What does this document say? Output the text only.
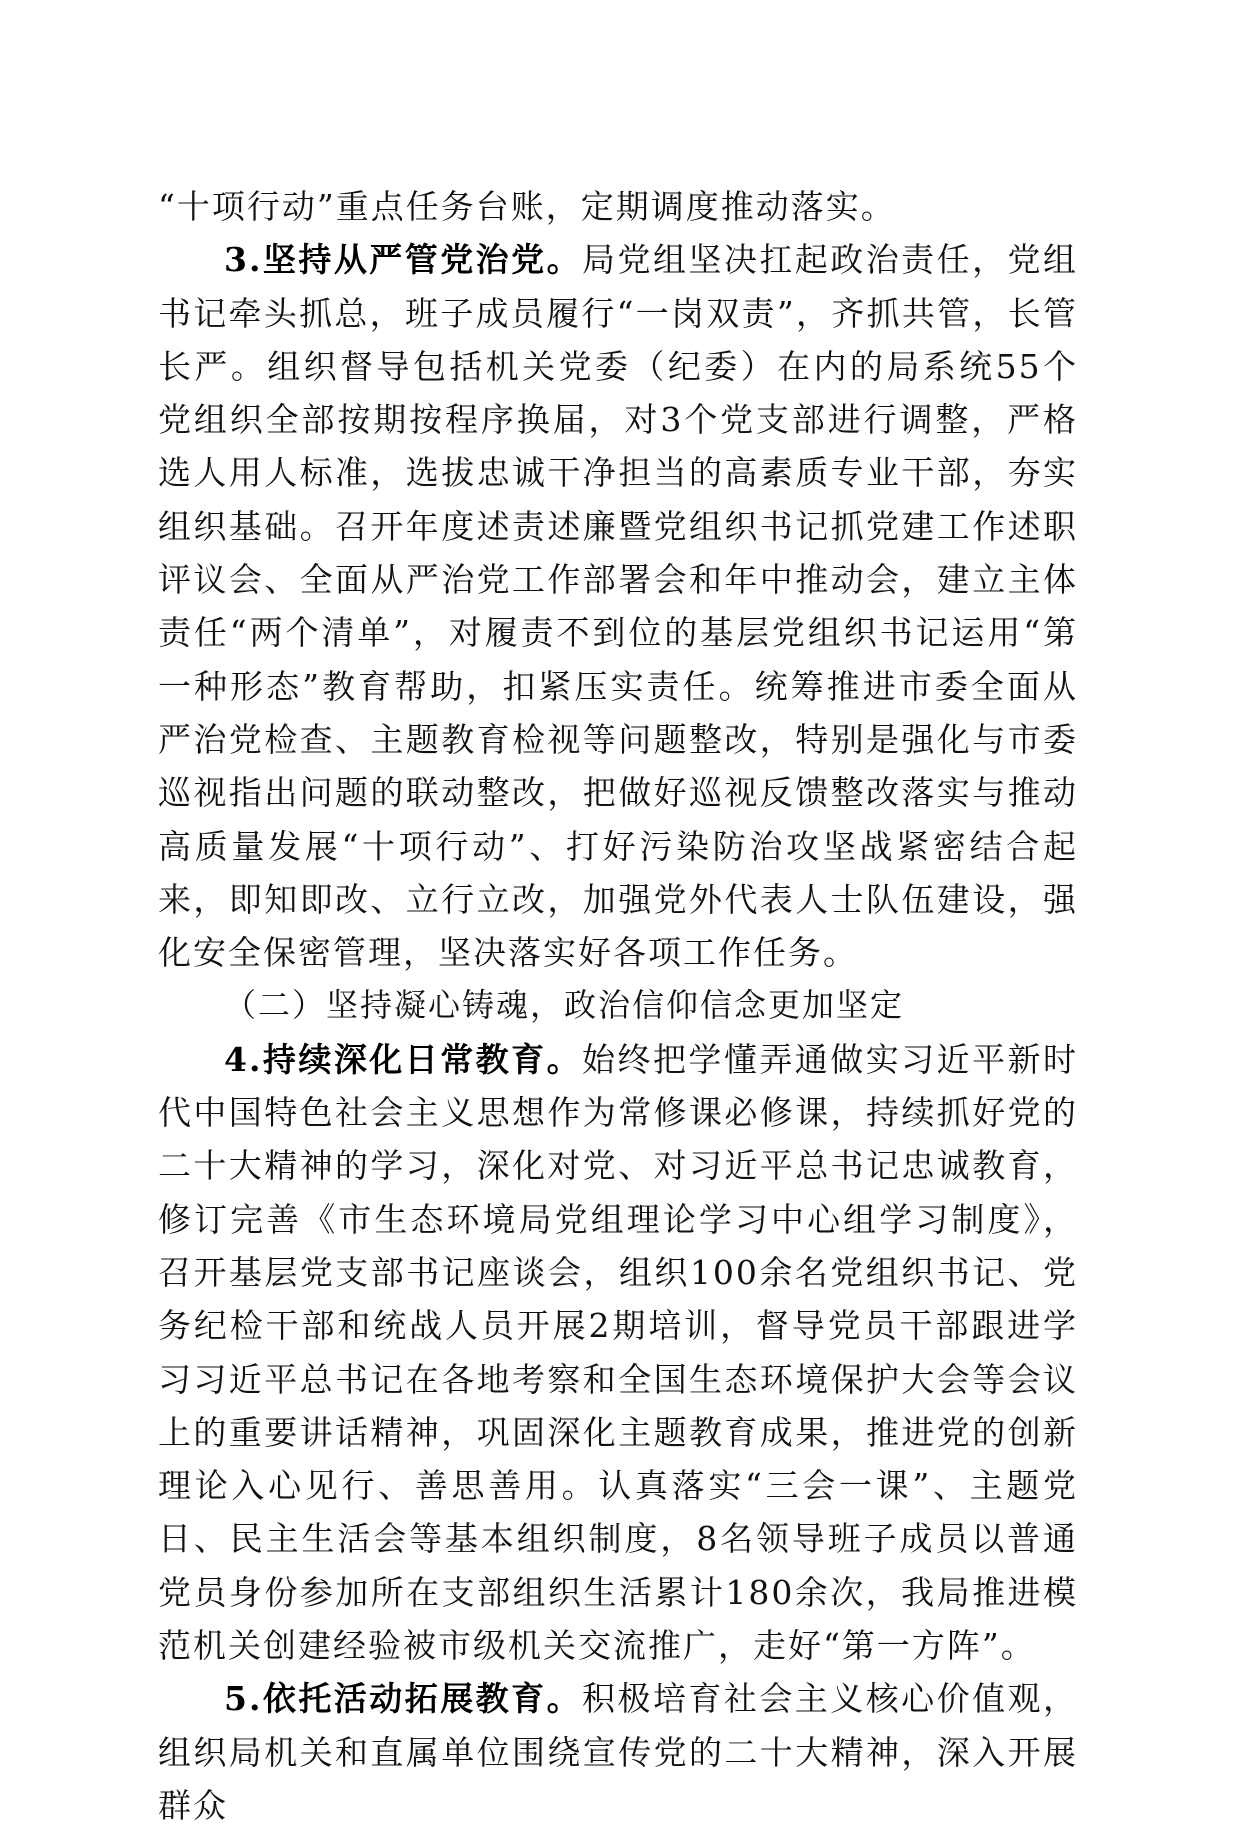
“十项行动”重点任务台账，定期调度推动落实。

3.坚持从严管党治党。局党组坚决扛起政治责任，党组书记牵头抓总，班子成员履行“一岗双责”，齐抓共管，长管长严。组织督导包括机关党委（纪委）在内的局系统55个党组织全部按期按程序换届，对3个党支部进行调整，严格选人用人标准，选拔忠诚干净担当的高素质专业干部，夯实组织基础。召开年度述责述廉暨党组织书记抓党建工作述职评议会、全面从严治党工作部署会和年中推动会，建立主体责任“两个清单”，对履责不到位的基层党组织书记运用“第一种形态”教育帮助，扣紧压实责任。统筹推进市委全面从严治党检查、主题教育检视等问题整改，特别是强化与市委巡视指出问题的联动整改，把做好巡视反馈整改落实与推动高质量发展“十项行动”、打好污染防治攻坚战紧密结合起来，即知即改、立行立改，加强党外代表人士队伍建设，强化安全保密管理，坚决落实好各项工作任务。

（二）坚持凝心铸魂，政治信仰信念更加坚定

4.持续深化日常教育。始终把学懂弄通做实习近平新时代中国特色社会主义思想作为常修课必修课，持续抓好党的二十大精神的学习，深化对党、对习近平总书记忠诚教育，修订完善《市生态环境局党组理论学习中心组学习制度》，召开基层党支部书记座谈会，组织100余名党组织书记、党务纪检干部和统战人员开展2期培训，督导党员干部跟进学习习近平总书记在各地考察和全国生态环境保护大会等会议上的重要讲话精神，巩固深化主题教育成果，推进党的创新理论入心见行、善思善用。认真落实“三会一课”、主题党日、民主生活会等基本组织制度，8名领导班子成员以普通党员身份参加所在支部组织生活累计180余次，我局推进模范机关创建经验被市级机关交流推广，走好“第一方阵”。

5.依托活动拓展教育。积极培育社会主义核心价值观，组织局机关和直属单位围绕宣传党的二十大精神，深入开展群众
